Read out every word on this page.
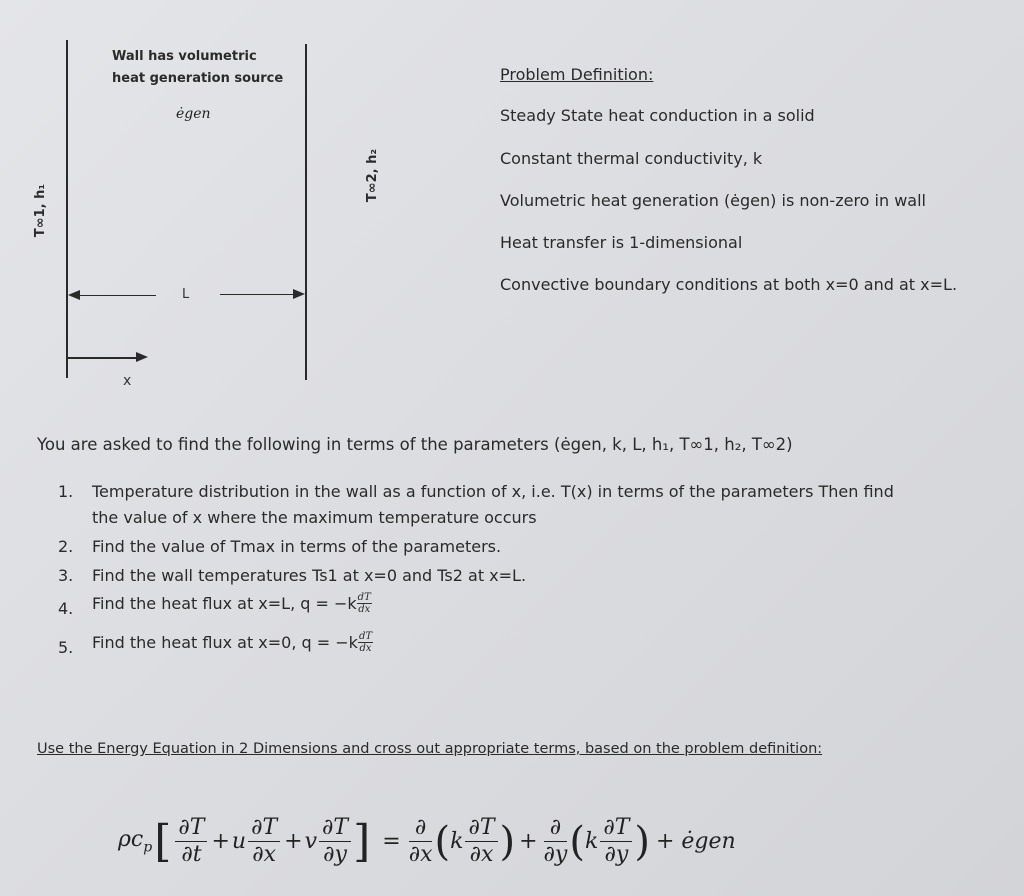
Wall has volumetric
heat generation source
ėgen
T∞1, h₁
T∞2, h₂
L
x
Problem Definition:
Steady State heat conduction in a solid
Constant thermal conductivity, k
Volumetric heat generation (ėgen) is non-zero in wall
Heat transfer is 1-dimensional
Convective boundary conditions at both x=0 and at x=L.
You are asked to find the following in terms of the parameters (ėgen, k, L, h₁, T∞1, h₂, T∞2)
1. Temperature distribution in the wall as a function of x, i.e. T(x) in terms of the parameters Then find
the value of x where the maximum temperature occurs
2. Find the value of Tmax in terms of the parameters.
3. Find the wall temperatures Ts1 at x=0 and Ts2 at x=L.
4. Find the heat flux at x=L, $q = -k \frac{dT}{dx}$
5. Find the heat flux at x=0, $q = -k \frac{dT}{dx}$
Use the Energy Equation in 2 Dimensions and cross out appropriate terms, based on the problem definition:
$\rho c_p$ [ ∂T
∂t
+ u
∂T
∂x
+ v
∂T
∂y ] =
∂
∂x ( k
∂T
∂x ) +
∂
∂y ( k
∂T
∂y ) + ėgen
